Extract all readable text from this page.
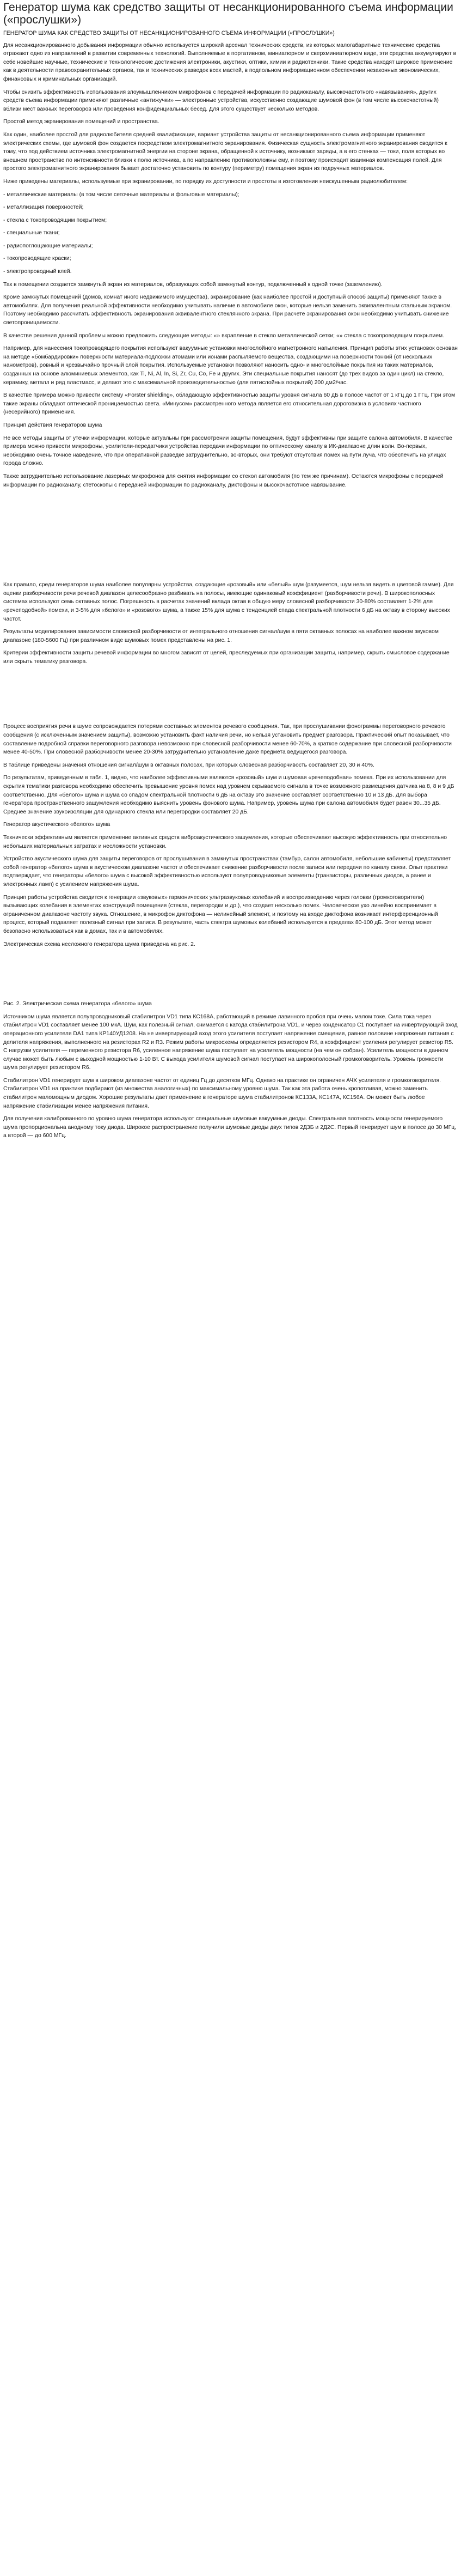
Генератор шума как средство защиты от несанкционированного съема информации («прослушки»)
ГЕНЕРАТОР ШУМА КАК СРЕДСТВО ЗАЩИТЫ ОТ НЕСАНКЦИОНИРОВАННОГО СЪЕМА ИНФОРМАЦИИ («ПРОСЛУШКИ»)

Для несанкционированного добывания информации обычно используется широкий арсенал технических средств, из которых малогабаритные технические средства отражают одно из направлений в развитии современных технологий. Выполняемые в портативном, миниатюрном и сверхминиатюрном виде, эти средства аккумулируют в себе новейшие научные, технические и технологические достижения электроники, акустики, оптики, химии и радиотехники. Такие средства находят широкое применение как в деятельности правоохранительных органов, так и технических разведок всех мастей, в подпольном информационном обеспечении незаконных экономических, финансовых и криминальных организаций.

Чтобы снизить эффективность использования злоумышленником микрофонов с передачей информации по радиоканалу, высокочастотного «навязывания», других средств съема информации применяют различные «антижучки» — электронные устройства, искусственно создающие шумовой фон (в том числе высокочастотный) вблизи мест важных переговоров или проведения конфиденциальных бесед. Для этого существует несколько методов.

Простой метод экранирования помещений и пространства.

Как один, наиболее простой для радиолюбителя средней квалификации, вариант устройства защиты от несанкционированного съема информации применяют электрических схемы, где шумовой фон создается посредством электромагнитного экранирования. Физическая сущность электромагнитного экранирования сводится к тому, что под действием источника электромагнитной энергии на стороне экрана, обращенной к источнику, возникают заряды, а в его стенках — токи, поля которых во внешнем пространстве по интенсивности близки к полю источника, а по направлению противоположны ему, и поэтому происходит взаимная компенсация полей. Для простого электромагнитного экранирования бывает достаточно установить по контуру (периметру) помещения экран из подручных материалов.

Ниже приведены материалы, используемые при экранировании, по порядку их доступности и простоты в изготовлении неискушенным радиолюбителем:

- металлические материалы (в том числе сеточные материалы и фольговые материалы);

- металлизация поверхностей;

- стекла с токопроводящим покрытием;

- специальные ткани;

- радиопоглощающие материалы;

- токопроводящие краски;

- электропроводный клей.

Так в помещении создается замкнутый экран из материалов, образующих собой замкнутый контур, подключенный к одной точке (заземлению).

Кроме замкнутых помещений (домов, комнат иного недвижимого имущества), экранирование (как наиболее простой и доступный способ защиты) применяют также в автомобилях. Для получения реальной эффективности необходимо учитывать наличие в автомобиле окон, которые нельзя заменить эквивалентным стальным экраном. Поэтому необходимо рассчитать эффективность экранирования эквивалентного стеклянного экрана. При расчете экранирования окон необходимо учитывать снижение светопроницаемости.

В качестве решения данной проблемы можно предложить следующие методы: «» вкрапление в стекло металлической сетки; «» стекла с токопроводящим покрытием.

Например, для нанесения токопроводящего покрытия используют вакуумные установки многослойного магнетронного напыления. Принцип работы этих установок основан на методе «бомбардировки» поверхности материала-подложки атомами или ионами распыляемого вещества, создающими на поверхности тонкий (от нескольких нанометров), ровный и чрезвычайно прочный слой покрытия. Используемые установки позволяют наносить одно- и многослойные покрытия из таких материалов, созданных на основе алюминиевых элементов, как Ti, Ni, Al, In, Si, Zr, Cu, Co, Fe и других. Эти специальные покрытия наносят (до трех видов за один цикл) на стекло, керамику, металл и ряд пластмасс, и делают это с максимальной производительностью (для пятислойных покрытий) 200 дм2/час.

В качестве примера можно привести систему «Forster shielding», обладающую эффективностью защиты уровня сигнала 60 дБ в полосе частот от 1 кГц до 1 ГГц. При этом такие экраны обладают оптической проницаемостью света. «Минусом» рассмотренного метода является его относительная дороговизна в условиях частного (несерийного) применения.

Принцип действия генераторов шума

Не все методы защиты от утечки информации, которые актуальны при рассмотрении защиты помещения, будут эффективны при защите салона автомобиля. В качестве примера можно привести микрофоны, усилители-передатчики устройства передачи информации по оптическому каналу в ИК-диапазоне длин волн. Во-первых, необходимо очень точное наведение, что при оперативной разведке затруднительно, во-вторых, они требуют отсутствия помех на пути луча, что обеспечить на улицах города сложно.

Также затруднительно использование лазерных микрофонов для снятия информации со стекол автомобиля (по тем же причинам). Остаются микрофоны с передачей информации по радиоканалу, стетоскопы с передачей информации по радиоканалу, диктофоны и высокочастотное навязывание.

Как правило, среди генераторов шума наиболее популярны устройства, создающие «розовый» или «белый» шум (разумеется, шум нельзя видеть в цветовой гамме). Для оценки разборчивости речи речевой диапазон целесообразно разбивать на полосы, имеющие одинаковый коэффициент (разборчивости речи). В широкополосных системах используют семь октавных полос. Погрешность в расчетах значений вклада октав в общую меру словесной разборчивости 30-80% составляет 1-2% для «речеподобной» помехи, и 3-5% для «белого» и «розового» шума, а также 15% для шума с тенденцией спада спектральной плотности 6 дБ на октаву в сторону высоких частот.

Результаты моделирования зависимости словесной разборчивости от интегрального отношения сигнал/шум в пяти октавных полосах на наиболее важном звуковом диапазоне (180-5600 Гц) при различном виде шумовых помех представлены на рис. 1.

Критерии эффективности защиты речевой информации во многом зависят от целей, преследуемых при организации защиты, например, скрыть смысловое содержание или скрыть тематику разговора.

Процесс восприятия речи в шуме сопровождается потерями составных элементов речевого сообщения. Так, при прослушивании фонограммы переговорного речевого сообщения (с исключенным значением защиты), возможно установить факт наличия речи, но нельзя установить предмет разговора. Практический опыт показывает, что составление подробной справки переговорного разговора невозможно при словесной разборчивости менее 60-70%, а краткое содержание при словесной разборчивости менее 40-50%. При словесной разборчивости менее 20-30% затруднительно установление даже предмета ведущегося разговора.

В таблице приведены значения отношения сигнал/шум в октавных полосах, при которых словесная разборчивость составляет 20, 30 и 40%.

По результатам, приведенным в табл. 1, видно, что наиболее эффективными являются «розовый» шум и шумовая «речеподобная» помеха. При их использовании для скрытия тематики разговора необходимо обеспечить превышение уровня помех над уровнем скрываемого сигнала в точке возможного размещения датчика на 8, 8 и 9 дБ соответственно. Для «белого» шума и шума со спадом спектральной плотности 6 дБ на октаву это значение составляет соответственно 10 и 13 дБ. Для выбора генератора пространственного зашумления необходимо выяснить уровень фонового шума. Например, уровень шума при салона автомобиля будет равен 30...35 дБ. Среднее значение звукоизоляции для одинарного стекла или перегородки составляет 20 дБ.

Генератор акустического «белого» шума

Технически эффективным является применение активных средств виброакустического зашумления, которые обеспечивают высокую эффективность при относительно небольших материальных затратах и несложности установки.

Устройство акустического шума для защиты переговоров от прослушивания в замкнутых пространствах (тамбур, салон автомобиля, небольшие кабинеты) представляет собой генератор «белого» шума в акустическом диапазоне частот и обеспечивает снижение разборчивости после записи или передачи по каналу связи. Опыт практики подтверждает, что генераторы «белого» шума с высокой эффективностью используют полупроводниковые элементы (транзисторы, различных диодов, а ранее и электронных ламп) с усилением напряжения шума.

Принцип работы устройства сводится к генерации «звуковых» гармонических ультразвуковых колебаний и воспроизведению через головки (громкоговорители) вызывающих колебания в элементах конструкций помещения (стекла, перегородки и др.), что создает несколько помех. Человеческое ухо линейно воспринимает в ограниченном диапазоне частоту звука. Отношение, в микрофон диктофона — нелинейный элемент, и поэтому на входе диктофона возникает интерференционный процесс, который подавляет полезный сигнал при записи. В результате, часть спектра шумовых колебаний используется в пределах 80-100 дБ. Этот метод может безопасно использоваться как в домах, так и в автомобилях.

Электрическая схема несложного генератора шума приведена на рис. 2.

Рис. 2. Электрическая схема генератора «белого» шума

Источником шума является полупроводниковый стабилитрон VD1 типа КС168А, работающий в режиме лавинного пробоя при очень малом токе. Сила тока через стабилитрон VD1 составляет менее 100 мкА. Шум, как полезный сигнал, снимается с катода стабилитрона VD1, и через конденсатор С1 поступает на инвертирующий вход операционного усилителя DA1 типа КР140УД1208. На не инвертирующий вход этого усилителя поступает напряжение смещения, равное половине напряжения питания с делителя напряжения, выполненного на резисторах R2 и R3. Режим работы микросхемы определяется резистором R4, а коэффициент усиления регулирует резистор R5. С нагрузки усилителя — переменного резистора R6, усиленное напряжение шума поступает на усилитель мощности (на чем он собран). Усилитель мощности в данном случае может быть любым с выходной мощностью 1-10 Вт. С выхода усилителя шумовой сигнал поступает на широкополосный громкоговоритель. Уровень громкости шума регулирует резистором R6.

Стабилитрон VD1 генерирует шум в широком диапазоне частот от единиц Гц до десятков МГц. Однако на практике он ограничен АЧХ усилителя и громкоговорителя. Стабилитрон VD1 на практике подбирают (из множества аналогичных) по максимальному уровню шума. Так как эта работа очень кропотливая, можно заменить стабилитрон маломощным диодом. Хорошие результаты дает применение в генераторе шума стабилитронов КС133А, КС147А, КС156А. Он может быть любое напряжение стабилизации менее напряжения питания.

Для получения калиброванного по уровню шума генератора используют специальные шумовые вакуумные диоды. Спектральная плотность мощности генерируемого шума пропорциональна анодному току диода. Широкое распространение получили шумовые диоды двух типов 2Д3Б и 2Д2С. Первый генерирует шум в полосе до 30 МГц, а второй — до 600 МГц.
